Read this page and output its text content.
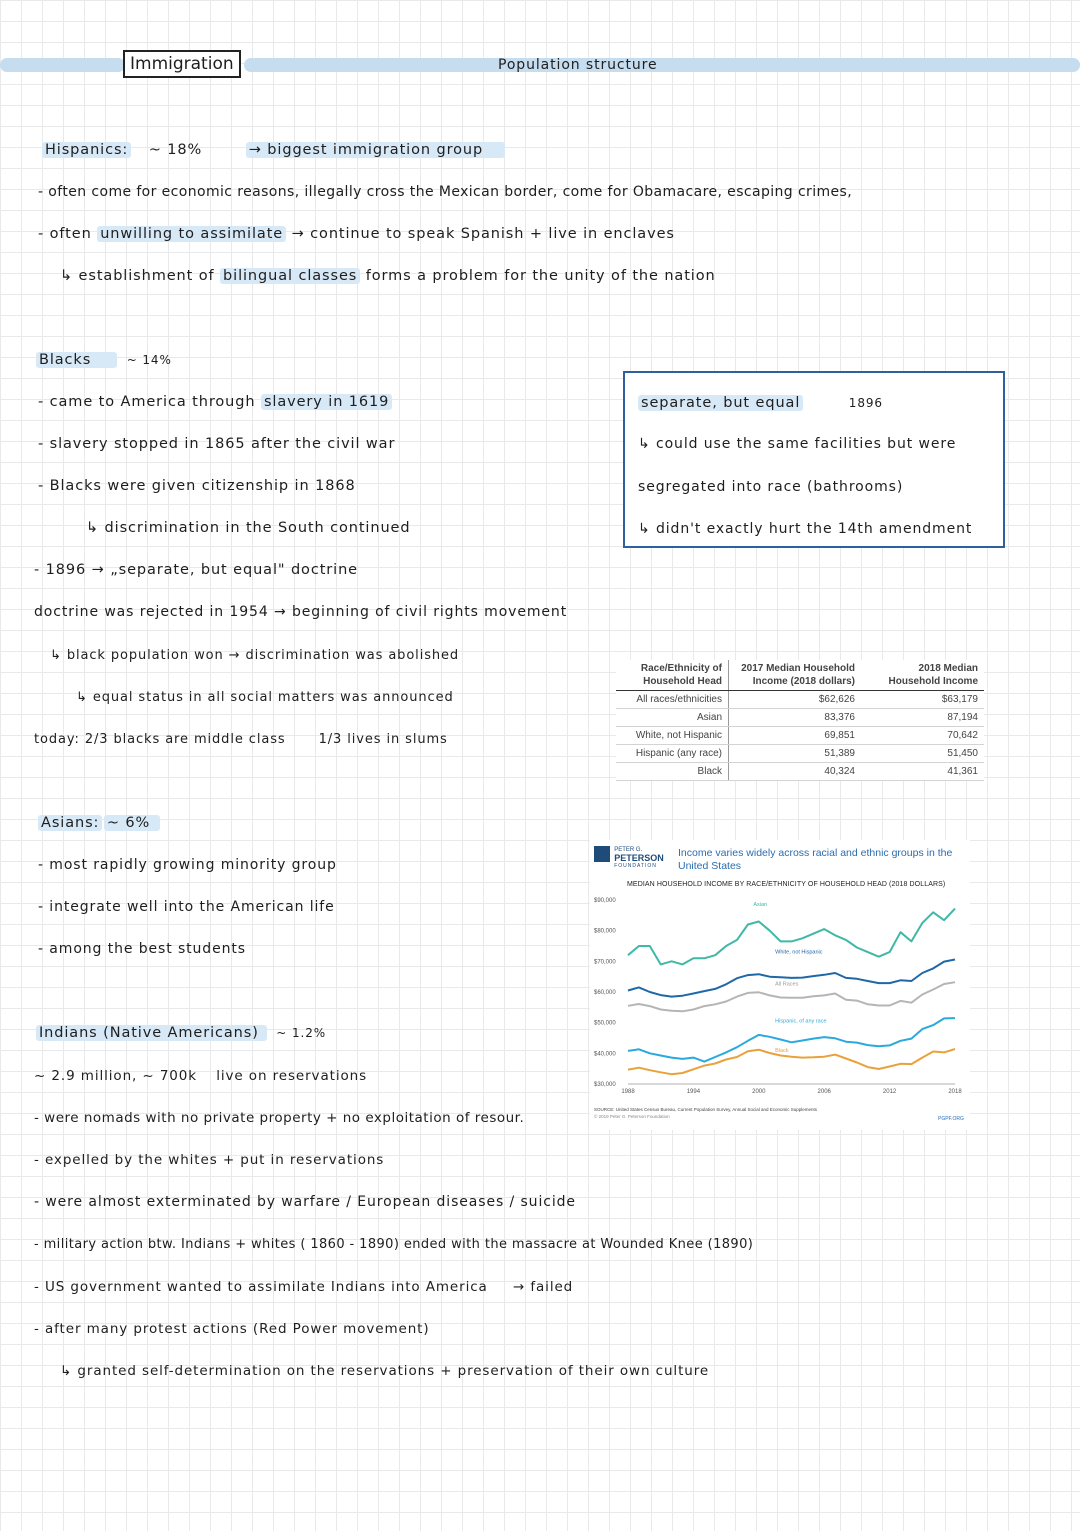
Immigration	Population structure
Hispanics: ~ 18%	→ biggest immigration group
- often come for economic reasons, illegally cross the Mexican border, come for Obamacare, escaping crimes,
- often unwilling to assimilate → continue to speak Spanish + live in enclaves
↳ establishment of bilingual classes forms a problem for the unity of the nation
Blacks	~ 14%
- came to America through slavery in 1619
- slavery stopped in 1865 after the civil war
- Blacks were given citizenship in 1868
↳ discrimination in the South continued
- 1896 → „separate, but equal" doctrine
doctrine was rejected in 1954 → beginning of civil rights movement
↳ black population won → discrimination was abolished
↳ equal status in all social matters was announced
today: 2/3 blacks are middle class	1/3 lives in slums
separate, but equal	1896
↳ could use the same facilities but were
segregated into race (bathrooms)
↳ didn't exactly hurt the 14th amendment
Race/Ethnicity of Household Head	2017 Median Household Income (2018 dollars)	2018 Median Household Income
All races/ethnicities	$62,626	$63,179
Asian	83,376	87,194
White, not Hispanic	69,851	70,642
Hispanic (any race)	51,389	51,450
Black	40,324	41,361
Asians: ~ 6%
- most rapidly growing minority group
- integrate well into the American life
- among the best students

PETER G.
PETERSON
FOUNDATION
Income varies widely across racial and ethnic groups in the United States
MEDIAN HOUSEHOLD INCOME BY RACE/ETHNICITY OF HOUSEHOLD HEAD (2018 DOLLARS)
$30,000
$40,000
$50,000
$60,000
$70,000
$80,000
$90,000
1988	1994	2000	2006	2012	2018
Asian
White, not Hispanic
All Races
Hispanic, of any race
Black
SOURCE: United States Census Bureau, Current Population Survey, Annual Social and Economic Supplements
© 2019 Peter G. Peterson Foundation	PGPF.ORG
Indians (Native Americans) ~ 1.2%
~ 2.9 million, ~ 700k live on reservations
- were nomads with no private property + no exploitation of resour.
- expelled by the whites + put in reservations
- were almost exterminated by warfare / European diseases / suicide
- military action btw. Indians + whites ( 1860 - 1890) ended with the massacre at Wounded Knee (1890)
- US government wanted to assimilate Indians into America → failed
- after many protest actions (Red Power movement)
↳ granted self-determination on the reservations + preservation of their own culture
